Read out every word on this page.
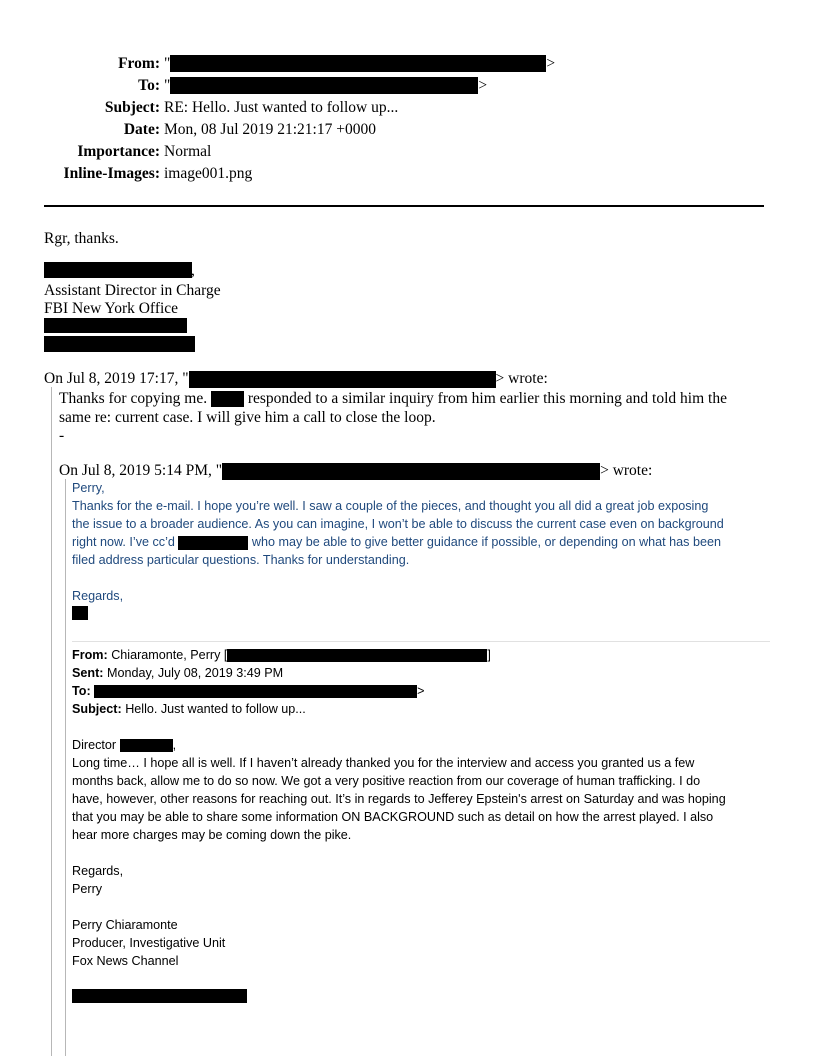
From: "	>
To: "	>
Subject: RE: Hello. Just wanted to follow up...
Date: Mon, 08 Jul 2019 21:21:17 +0000
Importance: Normal
Inline-Images: image001.png
Rgr, thanks.
,
Assistant Director in Charge
FBI New York Office
On Jul 8, 2019 17:17, "	> wrote:
Thanks for copying me.	responded to a similar inquiry from him earlier this morning and told him the
same re: current case. I will give him a call to close the loop.
-
On Jul 8, 2019 5:14 PM, "	> wrote:
Perry,
Thanks for the e-mail. I hope you’re well. I saw a couple of the pieces, and thought you all did a great job exposing
the issue to a broader audience. As you can imagine, I won’t be able to discuss the current case even on background
right now. I’ve cc’d	who may be able to give better guidance if possible, or depending on what has been
filed address particular questions. Thanks for understanding.
Regards,
From: Chiaramonte, Perry [	]
Sent: Monday, July 08, 2019 3:49 PM
To:	>
Subject: Hello. Just wanted to follow up...
Director	,
Long time… I hope all is well. If I haven’t already thanked you for the interview and access you granted us a few
months back, allow me to do so now. We got a very positive reaction from our coverage of human trafficking. I do
have, however, other reasons for reaching out. It’s in regards to Jefferey Epstein's arrest on Saturday and was hoping
that you may be able to share some information ON BACKGROUND such as detail on how the arrest played. I also
hear more charges may be coming down the pike.
Regards,
Perry
Perry Chiaramonte
Producer, Investigative Unit
Fox News Channel
